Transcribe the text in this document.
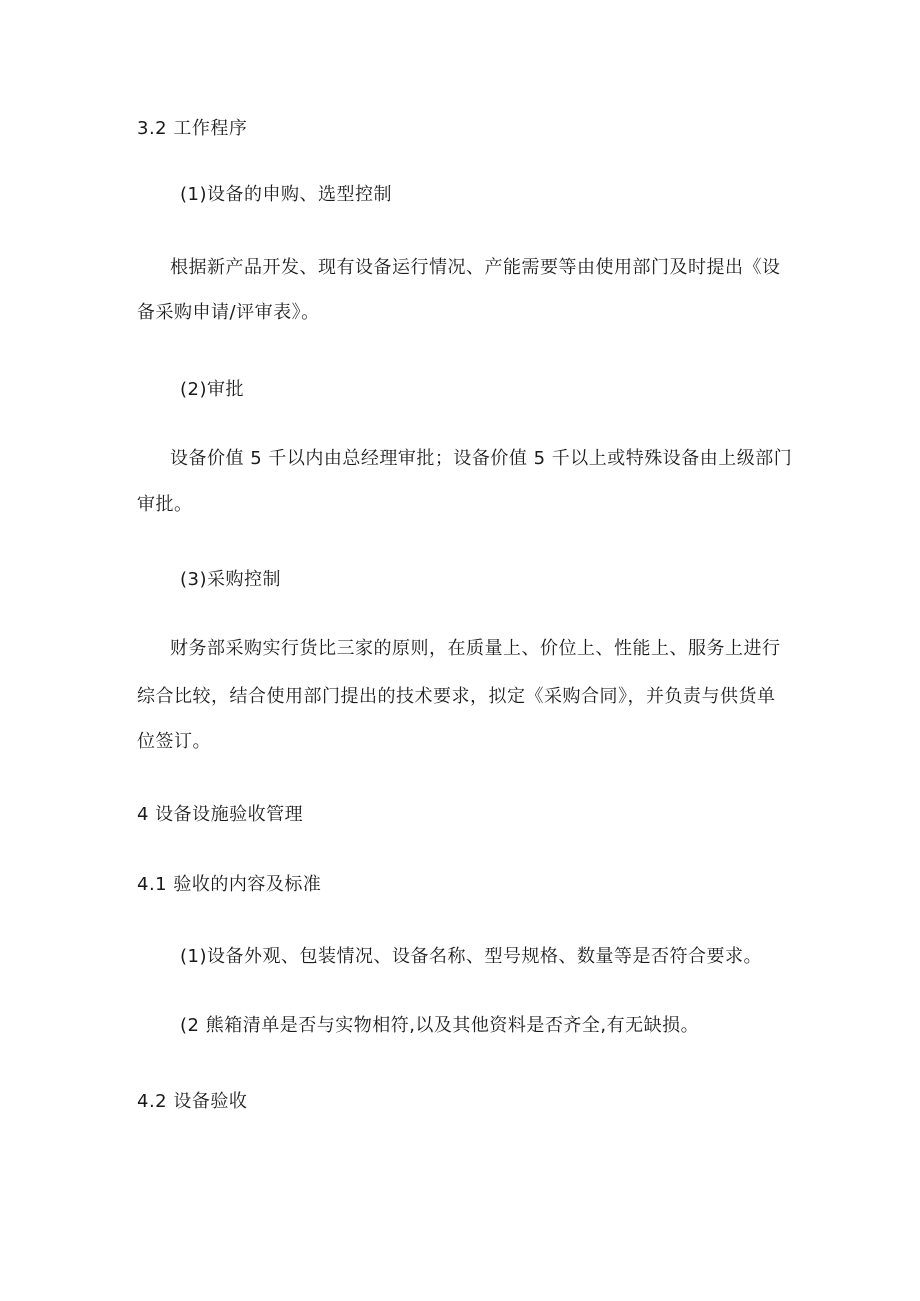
3.2 工作程序
(1)设备的申购、选型控制
根据新产品开发、现有设备运行情况、产能需要等由使用部门及时提出《设
备采购申请/评审表》。
(2)审批
设备价值 5 千以内由总经理审批；设备价值 5 千以上或特殊设备由上级部门
审批。
(3)采购控制
财务部采购实行货比三家的原则，在质量上、价位上、性能上、服务上进行
综合比较，结合使用部门提出的技术要求，拟定《采购合同》，并负责与供货单
位签订。
4 设备设施验收管理
4.1 验收的内容及标准
(1)设备外观、包装情况、设备名称、型号规格、数量等是否符合要求。
(2 熊箱清单是否与实物相符,以及其他资料是否齐全,有无缺损。
4.2 设备验收
